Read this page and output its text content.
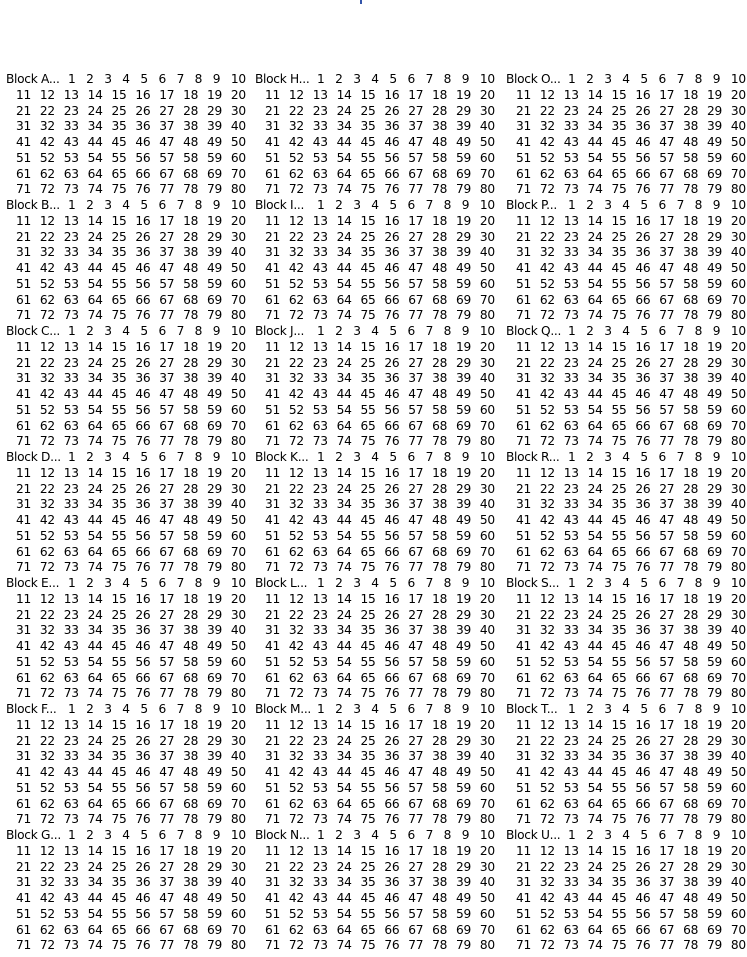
Block A... 1 2 3 4 5 6 7 8 9 10
11 12 13 14 15 16 17 18 19 20
21 22 23 24 25 26 27 28 29 30
31 32 33 34 35 36 37 38 39 40
41 42 43 44 45 46 47 48 49 50
51 52 53 54 55 56 57 58 59 60
61 62 63 64 65 66 67 68 69 70
71 72 73 74 75 76 77 78 79 80
Block B... 1 2 3 4 5 6 7 8 9 10
11 12 13 14 15 16 17 18 19 20
21 22 23 24 25 26 27 28 29 30
31 32 33 34 35 36 37 38 39 40
41 42 43 44 45 46 47 48 49 50
51 52 53 54 55 56 57 58 59 60
61 62 63 64 65 66 67 68 69 70
71 72 73 74 75 76 77 78 79 80
Block C... 1 2 3 4 5 6 7 8 9 10
11 12 13 14 15 16 17 18 19 20
21 22 23 24 25 26 27 28 29 30
31 32 33 34 35 36 37 38 39 40
41 42 43 44 45 46 47 48 49 50
51 52 53 54 55 56 57 58 59 60
61 62 63 64 65 66 67 68 69 70
71 72 73 74 75 76 77 78 79 80
Block D... 1 2 3 4 5 6 7 8 9 10
11 12 13 14 15 16 17 18 19 20
21 22 23 24 25 26 27 28 29 30
31 32 33 34 35 36 37 38 39 40
41 42 43 44 45 46 47 48 49 50
51 52 53 54 55 56 57 58 59 60
61 62 63 64 65 66 67 68 69 70
71 72 73 74 75 76 77 78 79 80
Block E... 1 2 3 4 5 6 7 8 9 10
11 12 13 14 15 16 17 18 19 20
21 22 23 24 25 26 27 28 29 30
31 32 33 34 35 36 37 38 39 40
41 42 43 44 45 46 47 48 49 50
51 52 53 54 55 56 57 58 59 60
61 62 63 64 65 66 67 68 69 70
71 72 73 74 75 76 77 78 79 80
Block F... 1 2 3 4 5 6 7 8 9 10
11 12 13 14 15 16 17 18 19 20
21 22 23 24 25 26 27 28 29 30
31 32 33 34 35 36 37 38 39 40
41 42 43 44 45 46 47 48 49 50
51 52 53 54 55 56 57 58 59 60
61 62 63 64 65 66 67 68 69 70
71 72 73 74 75 76 77 78 79 80
Block G... 1 2 3 4 5 6 7 8 9 10
11 12 13 14 15 16 17 18 19 20
21 22 23 24 25 26 27 28 29 30
31 32 33 34 35 36 37 38 39 40
41 42 43 44 45 46 47 48 49 50
51 52 53 54 55 56 57 58 59 60
61 62 63 64 65 66 67 68 69 70
71 72 73 74 75 76 77 78 79 80
Block H... 1 2 3 4 5 6 7 8 9 10
11 12 13 14 15 16 17 18 19 20
21 22 23 24 25 26 27 28 29 30
31 32 33 34 35 36 37 38 39 40
41 42 43 44 45 46 47 48 49 50
51 52 53 54 55 56 57 58 59 60
61 62 63 64 65 66 67 68 69 70
71 72 73 74 75 76 77 78 79 80
Block I...	1 2 3 4 5 6 7 8 9 10
11 12 13 14 15 16 17 18 19 20
21 22 23 24 25 26 27 28 29 30
31 32 33 34 35 36 37 38 39 40
41 42 43 44 45 46 47 48 49 50
51 52 53 54 55 56 57 58 59 60
61 62 63 64 65 66 67 68 69 70
71 72 73 74 75 76 77 78 79 80
Block J...	1 2 3 4 5 6 7 8 9 10
11 12 13 14 15 16 17 18 19 20
21 22 23 24 25 26 27 28 29 30
31 32 33 34 35 36 37 38 39 40
41 42 43 44 45 46 47 48 49 50
51 52 53 54 55 56 57 58 59 60
61 62 63 64 65 66 67 68 69 70
71 72 73 74 75 76 77 78 79 80
Block K... 1 2 3 4 5 6 7 8 9 10
11 12 13 14 15 16 17 18 19 20
21 22 23 24 25 26 27 28 29 30
31 32 33 34 35 36 37 38 39 40
41 42 43 44 45 46 47 48 49 50
51 52 53 54 55 56 57 58 59 60
61 62 63 64 65 66 67 68 69 70
71 72 73 74 75 76 77 78 79 80
Block L... 1 2 3 4 5 6 7 8 9 10
11 12 13 14 15 16 17 18 19 20
21 22 23 24 25 26 27 28 29 30
31 32 33 34 35 36 37 38 39 40
41 42 43 44 45 46 47 48 49 50
51 52 53 54 55 56 57 58 59 60
61 62 63 64 65 66 67 68 69 70
71 72 73 74 75 76 77 78 79 80
Block M... 1 2 3 4 5 6 7 8 9 10
11 12 13 14 15 16 17 18 19 20
21 22 23 24 25 26 27 28 29 30
31 32 33 34 35 36 37 38 39 40
41 42 43 44 45 46 47 48 49 50
51 52 53 54 55 56 57 58 59 60
61 62 63 64 65 66 67 68 69 70
71 72 73 74 75 76 77 78 79 80
Block N... 1 2 3 4 5 6 7 8 9 10
11 12 13 14 15 16 17 18 19 20
21 22 23 24 25 26 27 28 29 30
31 32 33 34 35 36 37 38 39 40
41 42 43 44 45 46 47 48 49 50
51 52 53 54 55 56 57 58 59 60
61 62 63 64 65 66 67 68 69 70
71 72 73 74 75 76 77 78 79 80
Block O... 1 2 3 4 5 6 7 8 9 10
11 12 13 14 15 16 17 18 19 20
21 22 23 24 25 26 27 28 29 30
31 32 33 34 35 36 37 38 39 40
41 42 43 44 45 46 47 48 49 50
51 52 53 54 55 56 57 58 59 60
61 62 63 64 65 66 67 68 69 70
71 72 73 74 75 76 77 78 79 80
Block P... 1 2 3 4 5 6 7 8 9 10
11 12 13 14 15 16 17 18 19 20
21 22 23 24 25 26 27 28 29 30
31 32 33 34 35 36 37 38 39 40
41 42 43 44 45 46 47 48 49 50
51 52 53 54 55 56 57 58 59 60
61 62 63 64 65 66 67 68 69 70
71 72 73 74 75 76 77 78 79 80
Block Q... 1 2 3 4 5 6 7 8 9 10
11 12 13 14 15 16 17 18 19 20
21 22 23 24 25 26 27 28 29 30
31 32 33 34 35 36 37 38 39 40
41 42 43 44 45 46 47 48 49 50
51 52 53 54 55 56 57 58 59 60
61 62 63 64 65 66 67 68 69 70
71 72 73 74 75 76 77 78 79 80
Block R... 1 2 3 4 5 6 7 8 9 10
11 12 13 14 15 16 17 18 19 20
21 22 23 24 25 26 27 28 29 30
31 32 33 34 35 36 37 38 39 40
41 42 43 44 45 46 47 48 49 50
51 52 53 54 55 56 57 58 59 60
61 62 63 64 65 66 67 68 69 70
71 72 73 74 75 76 77 78 79 80
Block S... 1 2 3 4 5 6 7 8 9 10
11 12 13 14 15 16 17 18 19 20
21 22 23 24 25 26 27 28 29 30
31 32 33 34 35 36 37 38 39 40
41 42 43 44 45 46 47 48 49 50
51 52 53 54 55 56 57 58 59 60
61 62 63 64 65 66 67 68 69 70
71 72 73 74 75 76 77 78 79 80
Block T... 1 2 3 4 5 6 7 8 9 10
11 12 13 14 15 16 17 18 19 20
21 22 23 24 25 26 27 28 29 30
31 32 33 34 35 36 37 38 39 40
41 42 43 44 45 46 47 48 49 50
51 52 53 54 55 56 57 58 59 60
61 62 63 64 65 66 67 68 69 70
71 72 73 74 75 76 77 78 79 80
Block U... 1 2 3 4 5 6 7 8 9 10
11 12 13 14 15 16 17 18 19 20
21 22 23 24 25 26 27 28 29 30
31 32 33 34 35 36 37 38 39 40
41 42 43 44 45 46 47 48 49 50
51 52 53 54 55 56 57 58 59 60
61 62 63 64 65 66 67 68 69 70
71 72 73 74 75 76 77 78 79 80
